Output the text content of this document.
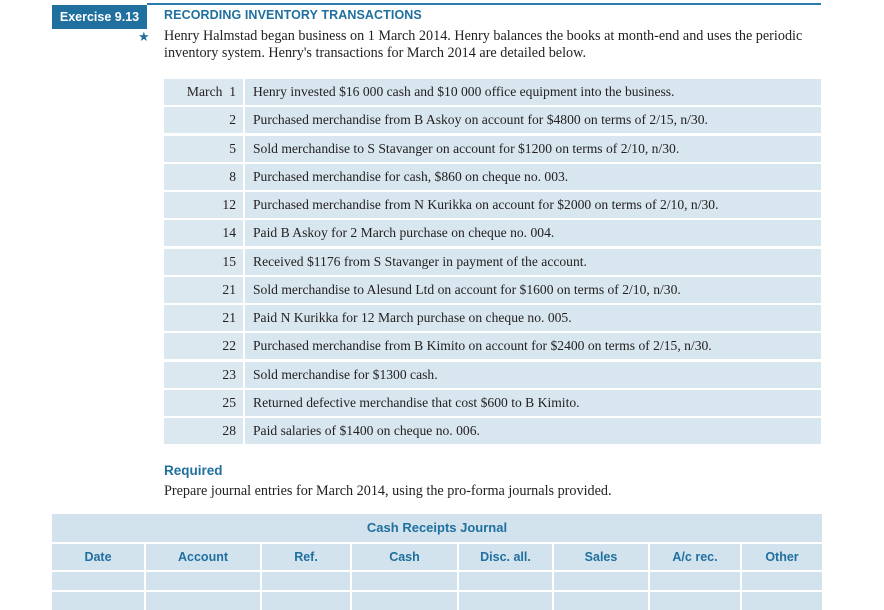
Exercise 9.13	RECORDING INVENTORY TRANSACTIONS
★ Henry Halmstad began business on 1 March 2014. Henry balances the books at month-end and uses the periodic inventory system. Henry's transactions for March 2014 are detailed below.
March  1	Henry invested $16 000 cash and $10 000 office equipment into the business.
2	Purchased merchandise from B Askoy on account for $4800 on terms of 2/15, n/30.
5	Sold merchandise to S Stavanger on account for $1200 on terms of 2/10, n/30.
8	Purchased merchandise for cash, $860 on cheque no. 003.
12	Purchased merchandise from N Kurikka on account for $2000 on terms of 2/10, n/30.
14	Paid B Askoy for 2 March purchase on cheque no. 004.
15	Received $1176 from S Stavanger in payment of the account.
21	Sold merchandise to Alesund Ltd on account for $1600 on terms of 2/10, n/30.
21	Paid N Kurikka for 12 March purchase on cheque no. 005.
22	Purchased merchandise from B Kimito on account for $2400 on terms of 2/15, n/30.
23	Sold merchandise for $1300 cash.
25	Returned defective merchandise that cost $600 to B Kimito.
28	Paid salaries of $1400 on cheque no. 006.
Required
Prepare journal entries for March 2014, using the pro-forma journals provided.
Cash Receipts Journal
Date	Account	Ref.	Cash	Disc. all.	Sales	A/c rec.	Other
